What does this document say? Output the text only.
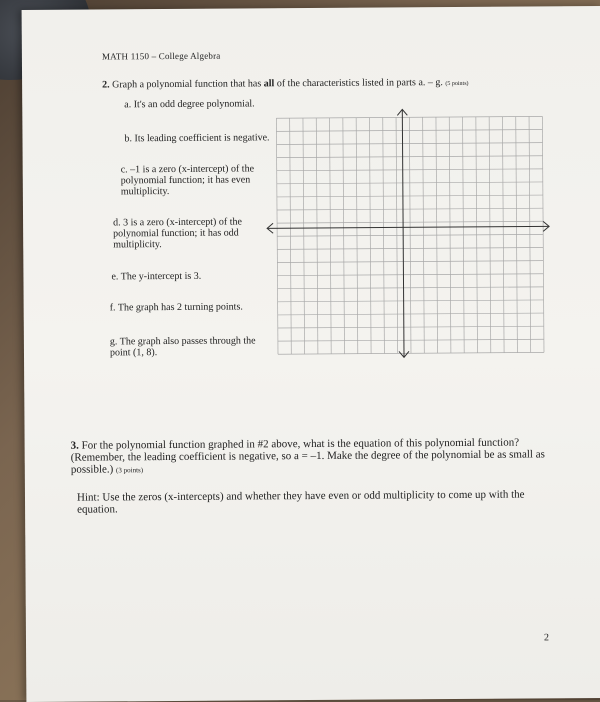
MATH 1150 – College Algebra
2. Graph a polynomial function that has all of the characteristics listed in parts a. – g. (5 points)
a. It's an odd degree polynomial.
b. Its leading coefficient is negative.
c. –1 is a zero (x-intercept) of the polynomial function; it has even multiplicity.
d. 3 is a zero (x-intercept) of the polynomial function; it has odd multiplicity.
e. The y-intercept is 3.
f. The graph has 2 turning points.
g. The graph also passes through the point (1, 8).
3. For the polynomial function graphed in #2 above, what is the equation of this polynomial function? (Remember, the leading coefficient is negative, so a = –1. Make the degree of the polynomial be as small as possible.) (3 points)
Hint: Use the zeros (x-intercepts) and whether they have even or odd multiplicity to come up with the equation.
2
